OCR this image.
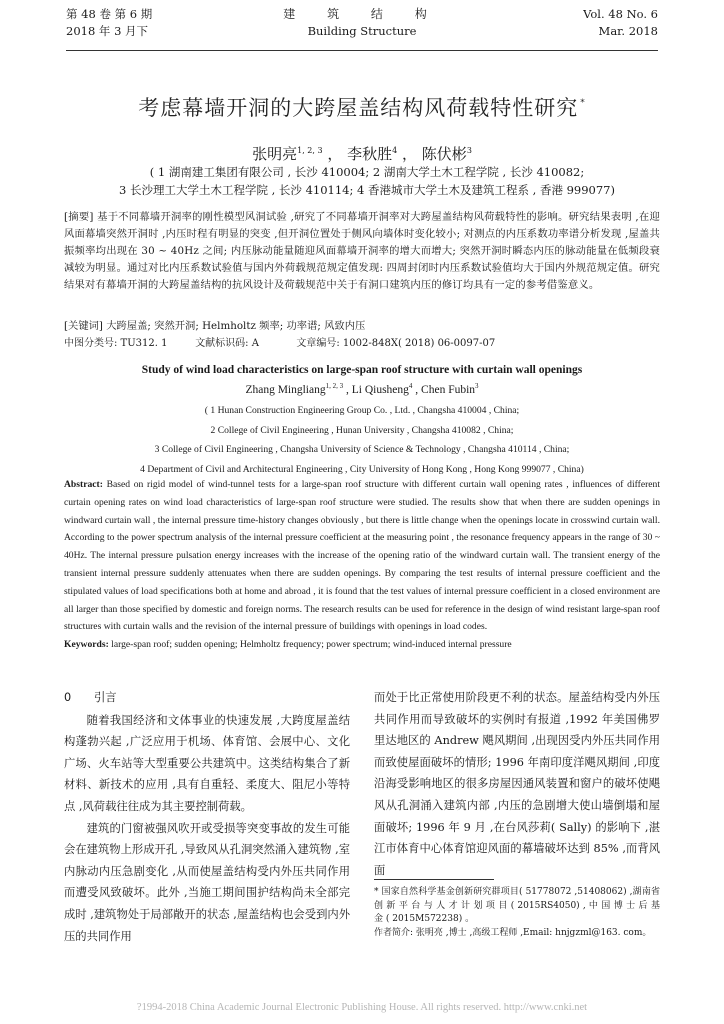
第 48 卷 第 6 期
2018 年 3 月下
建 筑 结 构
Building Structure
Vol. 48 No. 6
Mar. 2018
考虑幕墙开洞的大跨屋盖结构风荷载特性研究 *
张明亮$^{1, 2, 3}$ ， 李秋胜$^4$ ， 陈伏彬$^3$
( 1 湖南建工集团有限公司 , 长沙 410004; 2 湖南大学土木工程学院 , 长沙 410082;
3 长沙理工大学土木工程学院 , 长沙 410114; 4 香港城市大学土木及建筑工程系 , 香港 999077)
[摘要] 基于不同幕墙开洞率的刚性模型风洞试验 ,研究了不同幕墙开洞率对大跨屋盖结构风荷载特性的影响。研究结果表明 ,在迎风面幕墙突然开洞时 ,内压时程有明显的突变 ,但开洞位置处于侧风向墙体时变化较小; 对测点的内压系数功率谱分析发现 ,屋盖共振频率均出现在 30 ~ 40Hz 之间; 内压脉动能量随迎风面幕墙开洞率的增大而增大; 突然开洞时瞬态内压的脉动能量在低频段衰减较为明显。通过对比内压系数试验值与国内外荷载规范规定值发现: 四周封闭时内压系数试验值均大于国内外规范规定值。研究结果对有幕墙开洞的大跨屋盖结构的抗风设计及荷载规范中关于有洞口建筑内压的修订均具有一定的参考借鉴意义。
[关键词] 大跨屋盖; 突然开洞; Helmholtz 频率; 功率谱; 风致内压
中图分类号: TU312. 1	文献标识码: A	文章编号: 1002-848X( 2018) 06-0097-07
Study of wind load characteristics on large-span roof structure with curtain wall openings
Zhang Mingliang$^{1, 2, 3}$ , Li Qiusheng$^4$ , Chen Fubin$^3$
( 1 Hunan Construction Engineering Group Co. , Ltd. , Changsha 410004 , China;
2 College of Civil Engineering , Hunan University , Changsha 410082 , China;
3 College of Civil Engineering , Changsha University of Science & Technology , Changsha 410114 , China;
4 Department of Civil and Architectural Engineering , City University of Hong Kong , Hong Kong 999077 , China)
Abstract: Based on rigid model of wind-tunnel tests for a large-span roof structure with different curtain wall opening rates , influences of different curtain opening rates on wind load characteristics of large-span roof structure were studied. The results show that when there are sudden openings in windward curtain wall , the internal pressure time-history changes obviously , but there is little change when the openings locate in crosswind curtain wall. According to the power spectrum analysis of the internal pressure coefficient at the measuring point , the resonance frequency appears in the range of 30 ~ 40Hz. The internal pressure pulsation energy increases with the increase of the opening ratio of the windward curtain wall. The transient energy of the transient internal pressure suddenly attenuates when there are sudden openings. By comparing the test results of internal pressure coefficient and the stipulated values of load specifications both at home and abroad , it is found that the test values of internal pressure coefficient in a closed environment are all larger than those specified by domestic and foreign norms. The research results can be used for reference in the design of wind resistant large-span roof structures with curtain walls and the revision of the internal pressure of buildings with openings in load codes.
Keywords: large-span roof; sudden opening; Helmholtz frequency; power spectrum; wind-induced internal pressure
0 引言

随着我国经济和文体事业的快速发展 ,大跨度屋盖结构蓬勃兴起 ,广泛应用于机场、体育馆、会展中心、文化广场、火车站等大型重要公共建筑中。这类结构集合了新材料、新技术的应用 ,具有自重轻、柔度大、阻尼小等特点 ,风荷载往往成为其主要控制荷载。

建筑的门窗被强风吹开或受损等突变事故的发生可能会在建筑物上形成开孔 ,导致风从孔洞突然涌入建筑物 ,室内脉动内压急剧变化 ,从而使屋盖结构受内外压共同作用而遭受风致破坏。此外 ,当施工期间围护结构尚未全部完成时 ,建筑物处于局部敞开的状态 ,屋盖结构也会受到内外压的共同作用

而处于比正常使用阶段更不利的状态。屋盖结构受内外压共同作用而导致破坏的实例时有报道 ,1992 年美国佛罗里达地区的 Andrew 飓风期间 ,出现因受内外压共同作用而致使屋面破坏的情形; 1996 年南印度洋飓风期间 ,印度沿海受影响地区的很多房屋因通风装置和窗户的破坏使飓风从孔洞涌入建筑内部 ,内压的急剧增大使山墙倒塌和屋面破坏; 1996 年 9 月 ,在台风莎莉( Sally) 的影响下 ,湛江市体育中心体育馆迎风面的幕墙破坏达到 85% ,而背风面

* 国家自然科学基金创新研究群项目( 51778072 ,51408062) ,湖南省创 新 平 台 与 人 才 计 划 项 目 ( 2015RS4050) , 中 国 博 士 后 基 金 ( 2015M572238) 。
作者简介: 张明亮 ,博士 ,高级工程师 ,Email: hnjgzml@163. com。
?1994-2018 China Academic Journal Electronic Publishing House. All rights reserved. http://www.cnki.net
